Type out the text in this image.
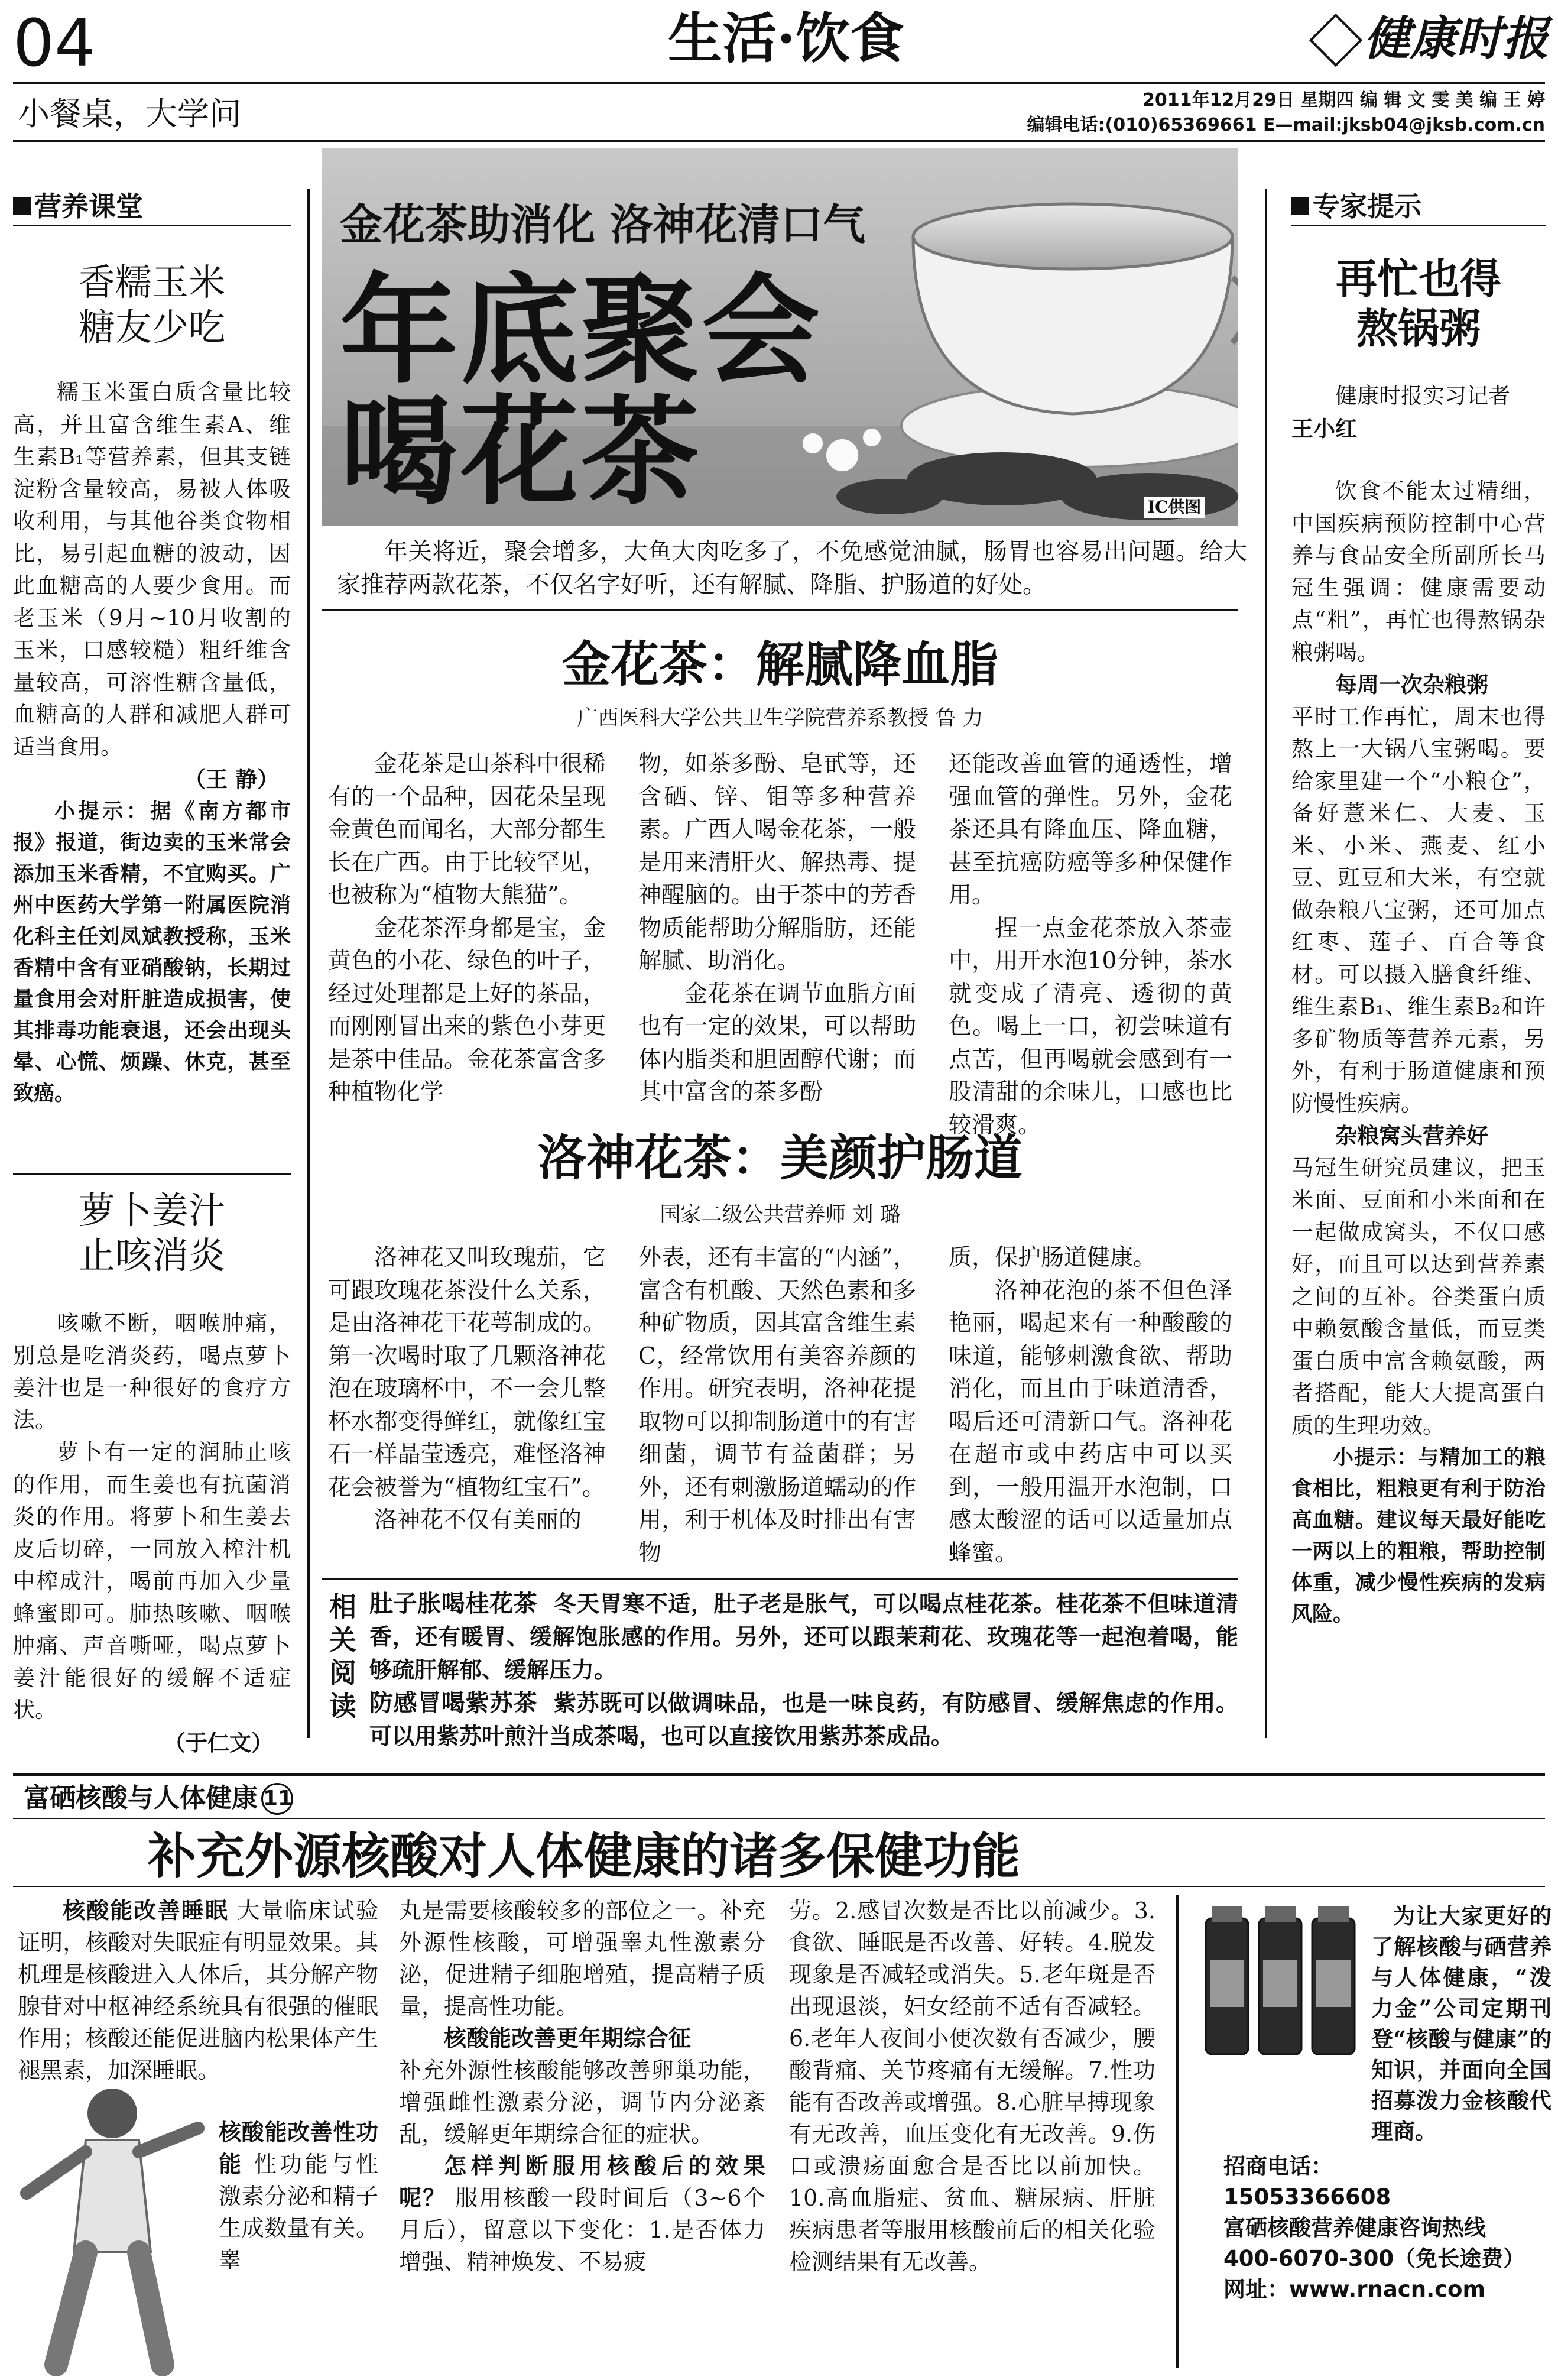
04	生活·饮食	健康时报
小餐桌，大学问	2011年12月29日 星期四 编 辑 文 雯 美 编 王 婷
编辑电话:(010)65369661 E—mail:jksb04@jksb.com.cn
营养课堂
香糯玉米
糖友少吃

糯玉米蛋白质含量比较高，并且富含维生素A、维生素B₁等营养素，但其支链淀粉含量较高，易被人体吸收利用，与其他谷类食物相比，易引起血糖的波动，因此血糖高的人要少食用。而老玉米（9月~10月收割的玉米，口感较糙）粗纤维含量较高，可溶性糖含量低，血糖高的人群和减肥人群可适当食用。

（王 静）

小提示：据《南方都市报》报道，街边卖的玉米常会添加玉米香精，不宜购买。广州中医药大学第一附属医院消化科主任刘凤斌教授称，玉米香精中含有亚硝酸钠，长期过量食用会对肝脏造成损害，使其排毒功能衰退，还会出现头晕、心慌、烦躁、休克，甚至致癌。

萝卜姜汁
止咳消炎

咳嗽不断，咽喉肿痛，别总是吃消炎药，喝点萝卜姜汁也是一种很好的食疗方法。

萝卜有一定的润肺止咳的作用，而生姜也有抗菌消炎的作用。将萝卜和生姜去皮后切碎，一同放入榨汁机中榨成汁，喝前再加入少量蜂蜜即可。肺热咳嗽、咽喉肿痛、声音嘶哑，喝点萝卜姜汁能很好的缓解不适症状。

（于仁文）
金花茶助消化 洛神花清口气
年底聚会
喝花茶	IC供图

年关将近，聚会增多，大鱼大肉吃多了，不免感觉油腻，肠胃也容易出问题。给大家推荐两款花茶，不仅名字好听，还有解腻、降脂、护肠道的好处。

金花茶：解腻降血脂
广西医科大学公共卫生学院营养系教授 鲁 力

金花茶是山茶科中很稀有的一个品种，因花朵呈现金黄色而闻名，大部分都生长在广西。由于比较罕见，也被称为“植物大熊猫”。

金花茶浑身都是宝，金黄色的小花、绿色的叶子，经过处理都是上好的茶品，而刚刚冒出来的紫色小芽更是茶中佳品。金花茶富含多种植物化学

物，如茶多酚、皂甙等，还含硒、锌、钼等多种营养素。广西人喝金花茶，一般是用来清肝火、解热毒、提神醒脑的。由于茶中的芳香物质能帮助分解脂肪，还能解腻、助消化。

金花茶在调节血脂方面也有一定的效果，可以帮助体内脂类和胆固醇代谢；而其中富含的茶多酚

还能改善血管的通透性，增强血管的弹性。另外，金花茶还具有降血压、降血糖，甚至抗癌防癌等多种保健作用。

捏一点金花茶放入茶壶中，用开水泡10分钟，茶水就变成了清亮、透彻的黄色。喝上一口，初尝味道有点苦，但再喝就会感到有一股清甜的余味儿，口感也比较滑爽。

洛神花茶：美颜护肠道
国家二级公共营养师 刘 璐

洛神花又叫玫瑰茄，它可跟玫瑰花茶没什么关系，是由洛神花干花萼制成的。第一次喝时取了几颗洛神花泡在玻璃杯中，不一会儿整杯水都变得鲜红，就像红宝石一样晶莹透亮，难怪洛神花会被誉为“植物红宝石”。

洛神花不仅有美丽的

外表，还有丰富的“内涵”，富含有机酸、天然色素和多种矿物质，因其富含维生素C，经常饮用有美容养颜的作用。研究表明，洛神花提取物可以抑制肠道中的有害细菌，调节有益菌群；另外，还有刺激肠道蠕动的作用，利于机体及时排出有害物

质，保护肠道健康。

洛神花泡的茶不但色泽艳丽，喝起来有一种酸酸的味道，能够刺激食欲、帮助消化，而且由于味道清香，喝后还可清新口气。洛神花在超市或中药店中可以买到，一般用温开水泡制，口感太酸涩的话可以适量加点蜂蜜。

相关阅读

肚子胀喝桂花茶 冬天胃寒不适，肚子老是胀气，可以喝点桂花茶。桂花茶不但味道清香，还有暖胃、缓解饱胀感的作用。另外，还可以跟茉莉花、玫瑰花等一起泡着喝，能够疏肝解郁、缓解压力。

防感冒喝紫苏茶 紫苏既可以做调味品，也是一味良药，有防感冒、缓解焦虑的作用。可以用紫苏叶煎汁当成茶喝，也可以直接饮用紫苏茶成品。

专家提示
再忙也得
熬锅粥
健康时报实习记者
王小红

饮食不能太过精细，中国疾病预防控制中心营养与食品安全所副所长马冠生强调：健康需要动点“粗”，再忙也得熬锅杂粮粥喝。

每周一次杂粮粥

平时工作再忙，周末也得熬上一大锅八宝粥喝。要给家里建一个“小粮仓”，备好薏米仁、大麦、玉米、小米、燕麦、红小豆、豇豆和大米，有空就做杂粮八宝粥，还可加点红枣、莲子、百合等食材。可以摄入膳食纤维、维生素B₁、维生素B₂和许多矿物质等营养元素，另外，有利于肠道健康和预防慢性疾病。

杂粮窝头营养好

马冠生研究员建议，把玉米面、豆面和小米面和在一起做成窝头，不仅口感好，而且可以达到营养素之间的互补。谷类蛋白质中赖氨酸含量低，而豆类蛋白质中富含赖氨酸，两者搭配，能大大提高蛋白质的生理功效。

小提示：与精加工的粮食相比，粗粮更有利于防治高血糖。建议每天最好能吃一两以上的粗粮，帮助控制体重，减少慢性疾病的发病风险。

富硒核酸与人体健康 11
补充外源核酸对人体健康的诸多保健功能

核酸能改善睡眠 大量临床试验证明，核酸对失眠症有明显效果。其机理是核酸进入人体后，其分解产物腺苷对中枢神经系统具有很强的催眠作用；核酸还能促进脑内松果体产生褪黑素，加深睡眠。

核酸能改善性功能 性功能与性激素分泌和精子生成数量有关。睾

丸是需要核酸较多的部位之一。补充外源性核酸，可增强睾丸性激素分泌，促进精子细胞增殖，提高精子质量，提高性功能。

核酸能改善更年期综合征

补充外源性核酸能够改善卵巢功能，增强雌性激素分泌，调节内分泌紊乱，缓解更年期综合征的症状。

怎样判断服用核酸后的效果呢？ 服用核酸一段时间后（3~6个月后），留意以下变化：1.是否体力增强、精神焕发、不易疲

劳。2.感冒次数是否比以前减少。3.食欲、睡眠是否改善、好转。4.脱发现象是否减轻或消失。5.老年斑是否出现退淡，妇女经前不适有否减轻。6.老年人夜间小便次数有否减少，腰酸背痛、关节疼痛有无缓解。7.性功能有否改善或增强。8.心脏早搏现象有无改善，血压变化有无改善。9.伤口或溃疡面愈合是否比以前加快。10.高血脂症、贫血、糖尿病、肝脏疾病患者等服用核酸前后的相关化验检测结果有无改善。

为让大家更好的了解核酸与硒营养与人体健康，“泼力金”公司定期刊登“核酸与健康”的知识，并面向全国招募泼力金核酸代理商。

招商电话：
15053366608
富硒核酸营养健康咨询热线
400-6070-300（免长途费）
网址：www.rnacn.com
